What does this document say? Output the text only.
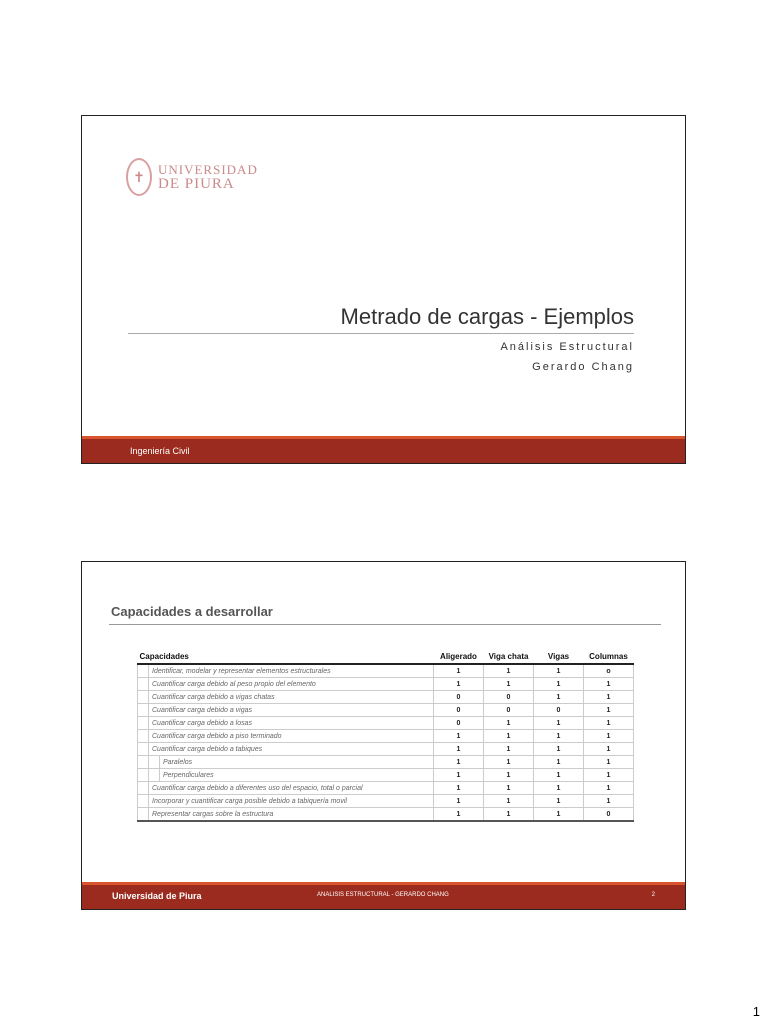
✝	UNIVERSIDAD
DE PIURA
Metrado de cargas - Ejemplos
Análisis Estructural
Gerardo Chang
Ingeniería Civil
Capacidades a desarrollar
Capacidades			Aligerado	Viga chata	Vigas	Columnas
	Identificar, modelar y representar elementos estructurales		1	1	1	o
	Cuantificar carga debido al peso propio del elemento		1	1	1	1
	Cuantificar carga debido a vigas chatas		0	0	1	1
	Cuantificar carga debido a vigas		0	0	0	1
	Cuantificar carga debido a losas		0	1	1	1
	Cuantificar carga debido a piso terminado		1	1	1	1
	Cuantificar carga debido a tabiques		1	1	1	1
		Paralelos	1	1	1	1
		Perpendiculares	1	1	1	1
	Cuantificar carga debido a diferentes uso del espacio, total o parcial		1	1	1	1
	Incorporar y cuantificar carga posible debido a tabiquería movil		1	1	1	1
	Representar cargas sobre la estructura		1	1	1	0
Universidad de Piura	ANALISIS ESTRUCTURAL - GERARDO CHANG	2
1
